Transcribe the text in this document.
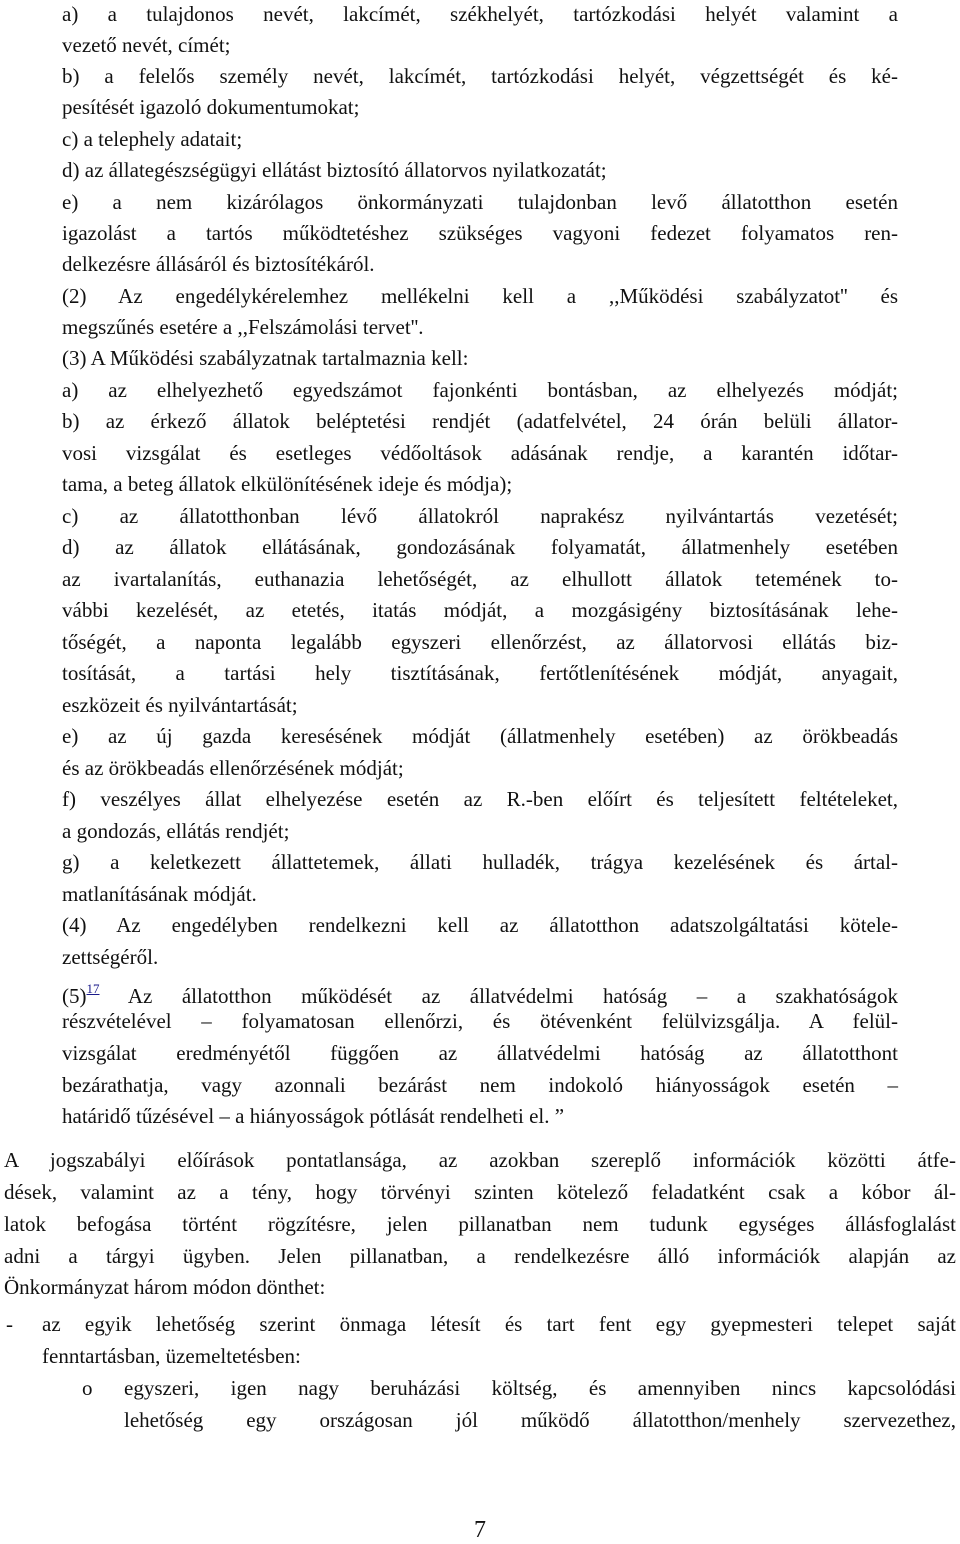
a) a tulajdonos nevét, lakcímét, székhelyét, tartózkodási helyét valamint a
vezető nevét, címét;
b) a felelős személy nevét, lakcímét, tartózkodási helyét, végzettségét és ké-
pesítését igazoló dokumentumokat;
c) a telephely adatait;
d) az állategészségügyi ellátást biztosító állatorvos nyilatkozatát;
e) a nem kizárólagos önkormányzati tulajdonban levő állatotthon esetén
igazolást a tartós működtetéshez szükséges vagyoni fedezet folyamatos ren-
delkezésre állásáról és biztosítékáról.
(2) Az engedélykérelemhez mellékelni kell a ,,Működési szabályzatot'' és
megszűnés esetére a ,,Felszámolási tervet''.
(3) A Működési szabályzatnak tartalmaznia kell:
a) az elhelyezhető egyedszámot fajonkénti bontásban, az elhelyezés módját;
b) az érkező állatok beléptetési rendjét (adatfelvétel, 24 órán belüli állator-
vosi vizsgálat és esetleges védőoltások adásának rendje, a karantén időtar-
tama, a beteg állatok elkülönítésének ideje és módja);
c) az állatotthonban lévő állatokról naprakész nyilvántartás vezetését;
d) az állatok ellátásának, gondozásának folyamatát, állatmenhely esetében
az ivartalanítás, euthanazia lehetőségét, az elhullott állatok tetemének to-
vábbi kezelését, az etetés, itatás módját, a mozgásigény biztosításának lehe-
tőségét, a naponta legalább egyszeri ellenőrzést, az állatorvosi ellátás biz-
tosítását, a tartási hely tisztításának, fertőtlenítésének módját, anyagait,
eszközeit és nyilvántartását;
e) az új gazda keresésének módját (állatmenhely esetében) az örökbeadás
és az örökbeadás ellenőrzésének módját;
f) veszélyes állat elhelyezése esetén az R.-ben előírt és teljesített feltételeket,
a gondozás, ellátás rendjét;
g) a keletkezett állattetemek, állati hulladék, trágya kezelésének és ártal-
matlanításának módját.
(4) Az engedélyben rendelkezni kell az állatotthon adatszolgáltatási kötele-
zettségéről.
$(5)^{17}$ Az állatotthon működését az állatvédelmi hatóság – a szakhatóságok
részvételével – folyamatosan ellenőrzi, és ötévenként felülvizsgálja. A felül-
vizsgálat eredményétől függően az állatvédelmi hatóság az állatotthont
bezárathatja, vagy azonnali bezárást nem indokoló hiányosságok esetén –
határidő tűzésével – a hiányosságok pótlását rendelheti el. ”
A jogszabályi előírások pontatlansága, az azokban szereplő információk közötti átfe-
dések, valamint az a tény, hogy törvényi szinten kötelező feladatként csak a kóbor ál-
latok befogása történt rögzítésre, jelen pillanatban nem tudunk egységes állásfoglalást
adni a tárgyi ügyben. Jelen pillanatban, a rendelkezésre álló információk alapján az
Önkormányzat három módon dönthet:
- az egyik lehetőség szerint önmaga létesít és tart fent egy gyepmesteri telepet saját
fenntartásban, üzemeltetésben:
o egyszeri, igen nagy beruházási költség, és amennyiben nincs kapcsolódási
lehetőség egy országosan jól működő állatotthon/menhely szervezethez,
7
